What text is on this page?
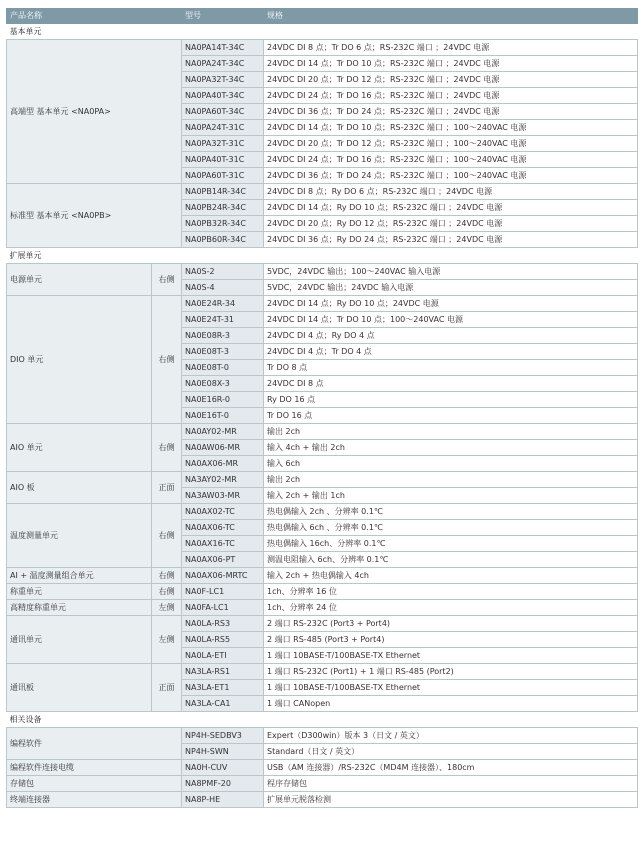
产品名称		型号	规格
基本单元			
高端型 基本单元 <NA0PA>		NA0PA14T-34C	24VDC DI 8 点；Tr DO 6 点；RS-232C 端口 ；24VDC 电源
		NA0PA24T-34C	24VDC DI 14 点；Tr DO 10 点；RS-232C 端口 ；24VDC 电源
		NA0PA32T-34C	24VDC DI 20 点；Tr DO 12 点；RS-232C 端口 ；24VDC 电源
		NA0PA40T-34C	24VDC DI 24 点；Tr DO 16 点；RS-232C 端口 ；24VDC 电源
		NA0PA60T-34C	24VDC DI 36 点；Tr DO 24 点；RS-232C 端口 ；24VDC 电源
		NA0PA24T-31C	24VDC DI 14 点；Tr DO 10 点；RS-232C 端口 ；100～240VAC 电源
		NA0PA32T-31C	24VDC DI 20 点；Tr DO 12 点；RS-232C 端口 ；100～240VAC 电源
		NA0PA40T-31C	24VDC DI 24 点；Tr DO 16 点；RS-232C 端口 ；100～240VAC 电源
		NA0PA60T-31C	24VDC DI 36 点；Tr DO 24 点；RS-232C 端口 ；100～240VAC 电源
标准型 基本单元 <NA0PB>		NA0PB14R-34C	24VDC DI 8 点；Ry DO 6 点；RS-232C 端口 ；24VDC 电源
		NA0PB24R-34C	24VDC DI 14 点；Ry DO 10 点；RS-232C 端口 ；24VDC 电源
		NA0PB32R-34C	24VDC DI 20 点；Ry DO 12 点；RS-232C 端口 ；24VDC 电源
		NA0PB60R-34C	24VDC DI 36 点；Ry DO 24 点；RS-232C 端口 ；24VDC 电源
扩展单元			
电源单元	右侧	NA0S-2	5VDC，24VDC 输出；100～240VAC 输入电源
		NA0S-4	5VDC，24VDC 输出；24VDC 输入电源
DIO 单元	右侧	NA0E24R-34	24VDC DI 14 点；Ry DO 10 点；24VDC 电源
		NA0E24T-31	24VDC DI 14 点；Tr DO 10 点；100～240VAC 电源
		NA0E08R-3	24VDC DI 4 点；Ry DO 4 点
		NA0E08T-3	24VDC DI 4 点；Tr DO 4 点
		NA0E08T-0	Tr DO 8 点
		NA0E08X-3	24VDC DI 8 点
		NA0E16R-0	Ry DO 16 点
		NA0E16T-0	Tr DO 16 点
AIO 单元	右侧	NA0AY02-MR	输出 2ch
		NA0AW06-MR	输入 4ch + 输出 2ch
		NA0AX06-MR	输入 6ch
AIO 板	正面	NA3AY02-MR	输出 2ch
		NA3AW03-MR	输入 2ch + 输出 1ch
温度测量单元	右侧	NA0AX02-TC	热电偶输入 2ch 、分辨率 0.1℃
		NA0AX06-TC	热电偶输入 6ch 、分辨率 0.1℃
		NA0AX16-TC	热电偶输入 16ch、分辨率 0.1℃
		NA0AX06-PT	测温电阻输入 6ch、分辨率 0.1℃
AI + 温度测量组合单元	右侧	NA0AX06-MRTC	输入 2ch + 热电偶输入 4ch
称重单元	右侧	NA0F-LC1	1ch、分辨率 16 位
高精度称重单元	左侧	NA0FA-LC1	1ch、分辨率 24 位
通讯单元	左侧	NA0LA-RS3	2 端口 RS-232C (Port3 + Port4)
		NA0LA-RS5	2 端口 RS-485 (Port3 + Port4)
		NA0LA-ETI	1 端口 10BASE-T/100BASE-TX Ethernet
通讯板	正面	NA3LA-RS1	1 端口 RS-232C (Port1) + 1 端口 RS-485 (Port2)
		NA3LA-ET1	1 端口 10BASE-T/100BASE-TX Ethernet
		NA3LA-CA1	1 端口 CANopen
相关设备			
编程软件		NP4H-SEDBV3	Expert（D300win）版本 3（日文 / 英文）
		NP4H-SWN	Standard（日文 / 英文）
编程软件连接电缆		NA0H-CUV	USB（AM 连接器）/RS-232C（MD4M 连接器）、180cm
存储包		NA8PMF-20	程序存储包
终端连接器		NA8P-HE	扩展单元脱落检测
